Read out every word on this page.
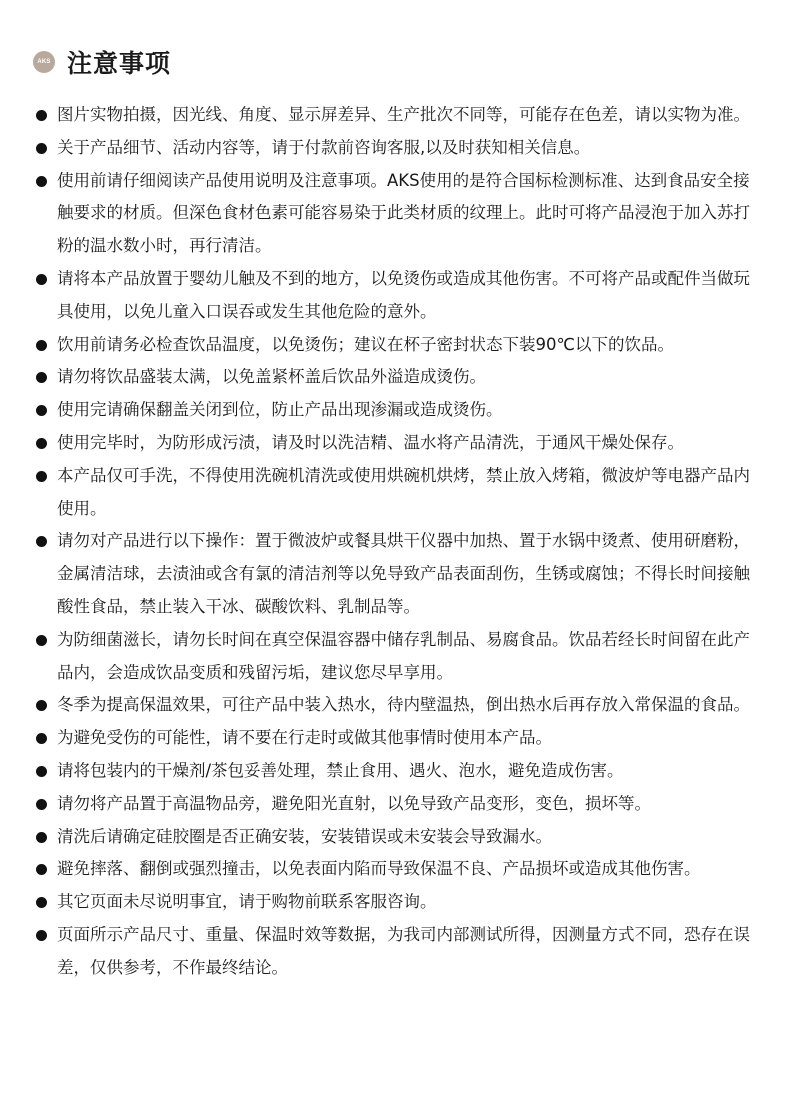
AKS 注意事项
图片实物拍摄，因光线、角度、显示屏差异、生产批次不同等，可能存在色差，请以实物为准。
关于产品细节、活动内容等，请于付款前咨询客服,以及时获知相关信息。
使用前请仔细阅读产品使用说明及注意事项。AKS使用的是符合国标检测标准、达到食品安全接触要求的材质。但深色食材色素可能容易染于此类材质的纹理上。此时可将产品浸泡于加入苏打粉的温水数小时，再行清洁。
请将本产品放置于婴幼儿触及不到的地方，以免烫伤或造成其他伤害。不可将产品或配件当做玩具使用，以免儿童入口误吞或发生其他危险的意外。
饮用前请务必检查饮品温度，以免烫伤；建议在杯子密封状态下装90℃以下的饮品。
请勿将饮品盛装太满，以免盖紧杯盖后饮品外溢造成烫伤。
使用完请确保翻盖关闭到位，防止产品出现渗漏或造成烫伤。
使用完毕时，为防形成污渍，请及时以洗洁精、温水将产品清洗，于通风干燥处保存。
本产品仅可手洗，不得使用洗碗机清洗或使用烘碗机烘烤，禁止放入烤箱，微波炉等电器产品内使用。
请勿对产品进行以下操作：置于微波炉或餐具烘干仪器中加热、置于水锅中烫煮、使用研磨粉，金属清洁球，去渍油或含有氯的清洁剂等以免导致产品表面刮伤，生锈或腐蚀；不得长时间接触酸性食品，禁止装入干冰、碳酸饮料、乳制品等。
为防细菌滋长，请勿长时间在真空保温容器中储存乳制品、易腐食品。饮品若经长时间留在此产品内，会造成饮品变质和残留污垢，建议您尽早享用。
冬季为提高保温效果，可往产品中装入热水，待内壁温热，倒出热水后再存放入常保温的食品。
为避免受伤的可能性，请不要在行走时或做其他事情时使用本产品。
请将包装内的干燥剂/茶包妥善处理，禁止食用、遇火、泡水，避免造成伤害。
请勿将产品置于高温物品旁，避免阳光直射，以免导致产品变形，变色，损坏等。
清洗后请确定硅胶圈是否正确安装，安装错误或未安装会导致漏水。
避免摔落、翻倒或强烈撞击，以免表面内陷而导致保温不良、产品损坏或造成其他伤害。
其它页面未尽说明事宜，请于购物前联系客服咨询。
页面所示产品尺寸、重量、保温时效等数据，为我司内部测试所得，因测量方式不同，恐存在误差，仅供参考，不作最终结论。
